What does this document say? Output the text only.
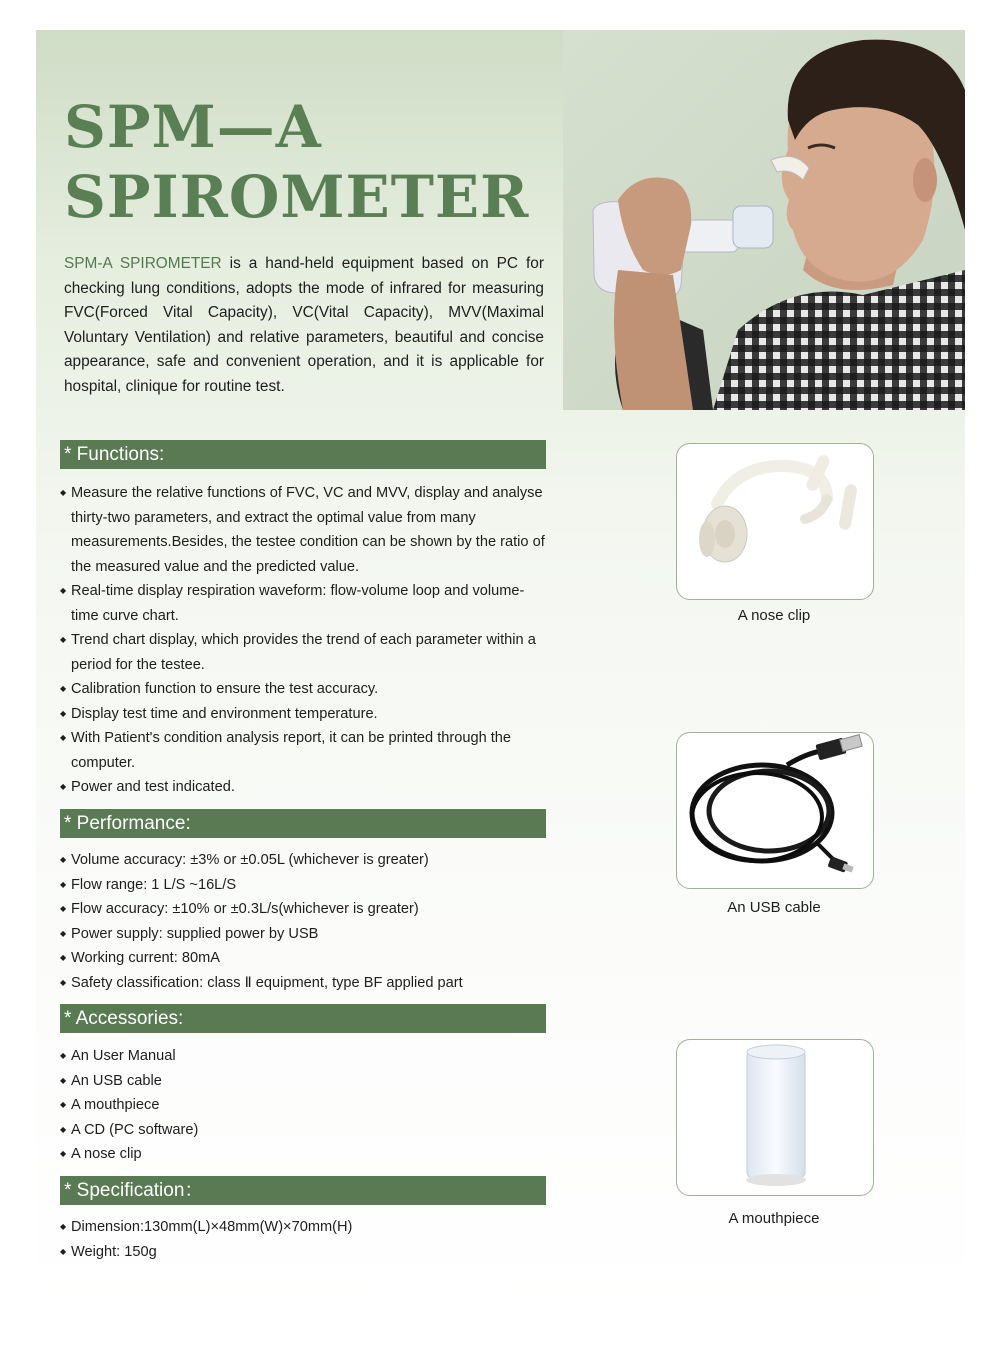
SPM—A
SPIROMETER
SPM-A SPIROMETER is a hand-held equipment based on PC for checking lung conditions, adopts the mode of infrared for measuring FVC(Forced Vital Capacity), VC(Vital Capacity), MVV(Maximal Voluntary Ventilation) and relative parameters, beautiful and concise appearance, safe and convenient operation, and it is applicable for hospital, clinique for routine test.
* Functions:
◆ Measure the relative functions of FVC, VC and MVV, display and analyse thirty-two parameters, and extract the optimal value from many measurements.Besides, the testee condition can be shown by the ratio of the measured value and the predicted value.
◆ Real-time display respiration waveform: flow-volume loop and volume-time curve chart.
◆ Trend chart display, which provides the trend of each parameter within a period for the testee.
◆ Calibration function to ensure the test accuracy.
◆ Display test time and environment temperature.
◆ With Patient's condition analysis report, it can be printed through the computer.
◆ Power and test indicated.
* Performance:
◆ Volume accuracy: ±3% or ±0.05L (whichever is greater)
◆ Flow range: 1 L/S ~16L/S
◆ Flow accuracy: ±10% or ±0.3L/s(whichever is greater)
◆ Power supply: supplied power by USB
◆ Working current: 80mA
◆ Safety classification: class Ⅱ equipment, type BF applied part
* Accessories:
◆ An User Manual
◆ An USB cable
◆ A mouthpiece
◆ A CD (PC software)
◆ A nose clip
* Specification：
◆ Dimension:130mm(L)×48mm(W)×70mm(H)
◆ Weight: 150g
A nose clip
An USB cable
A mouthpiece
